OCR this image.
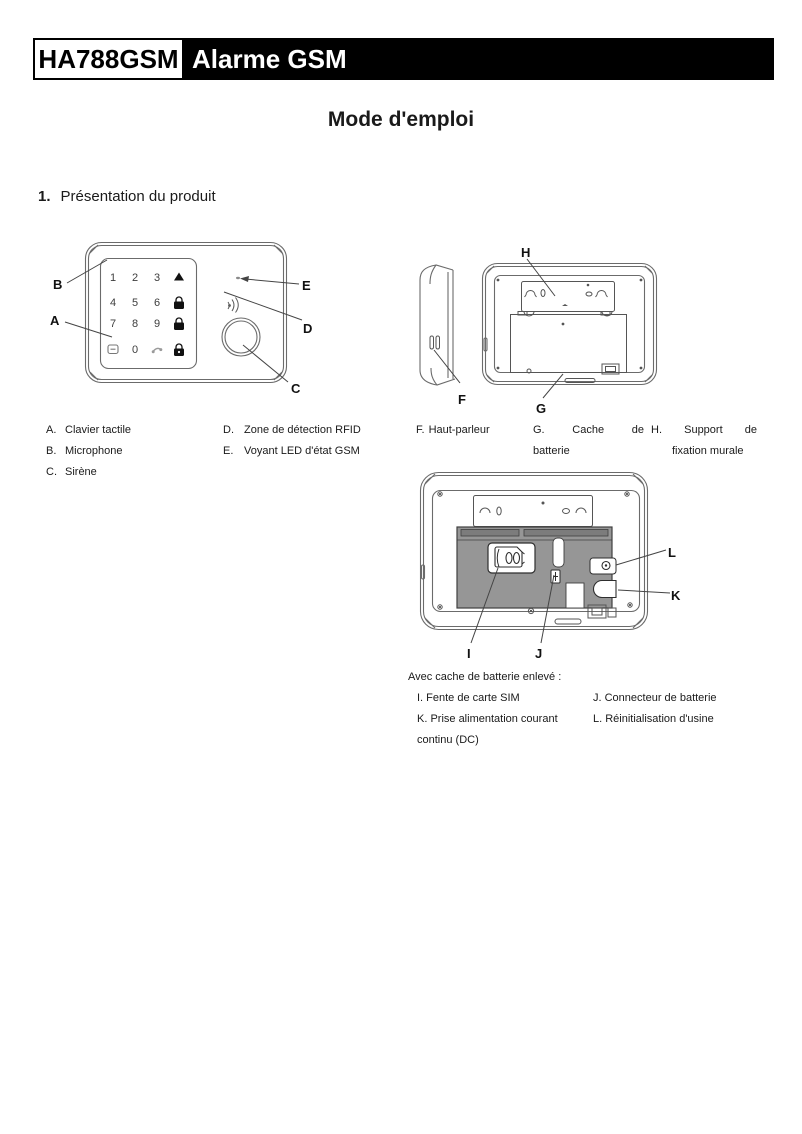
HA788GSM Alarme GSM
Mode d'emploi
1. Présentation du produit
1 2 3
4 5 6
7 8 9
0
B
A
E
D
C
F
H
G
A. Clavier tactile
B. Microphone
C. Sirène
D. Zone de détection RFID
E. Voyant LED d'état GSM
F. Haut-parleur	G.	Cache	de
batterie
H. Support de
fixation murale
I	J
L
K
Avec cache de batterie enlevé :
I. Fente de carte SIM
K. Prise alimentation courant
continu (DC)
J. Connecteur de batterie
L. Réinitialisation d'usine
